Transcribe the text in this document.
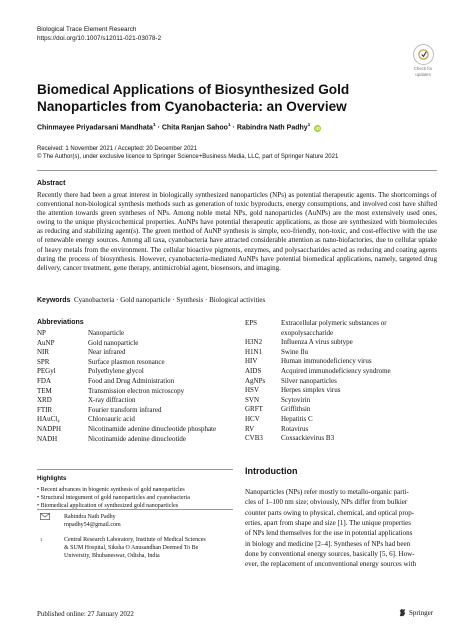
Biological Trace Element Research
https://doi.org/10.1007/s12011-021-03078-2
Check for
updates
Biomedical Applications of Biosynthesized Gold Nanoparticles from Cyanobacteria: an Overview
Chinmayee Priyadarsani Mandhata$^1$ · Chita Ranjan Sahoo$^1$ · Rabindra Nath Padhy$^1$ iD
Received: 1 November 2021 / Accepted: 20 December 2021
© The Author(s), under exclusive licence to Springer Science+Business Media, LLC, part of Springer Nature 2021
Abstract
Recently there had been a great interest in biologically synthesized nanoparticles (NPs) as potential therapeutic agents. The shortcomings of conventional non-biological synthesis methods such as generation of toxic byproducts, energy consumptions, and involved cost have shifted the attention towards green syntheses of NPs. Among noble metal NPs, gold nanoparticles (AuNPs) are the most extensively used ones, owing to the unique physicochemical properties. AuNPs have potential therapeutic applications, as those are synthesized with biomolecules as reducing and stabilizing agent(s). The green method of AuNP synthesis is simple, eco-friendly, non-toxic, and cost-effective with the use of renewable energy sources. Among all taxa, cyanobacteria have attracted considerable attention as nano-biofactories, due to cellular uptake of heavy metals from the environment. The cellular bioactive pigments, enzymes, and polysaccharides acted as reducing and coating agents during the process of biosynthesis. However, cyanobacteria-mediated AuNPs have potential biomedical applications, namely, targeted drug delivery, cancer treatment, gene therapy, antimicrobial agent, biosensors, and imaging.
Keywords Cyanobacteria · Gold nanoparticle · Synthesis · Biological activities
Abbreviations
NP	Nanoparticle
AuNP	Gold nanoparticle
NIR	Near infrared
SPR	Surface plasmon resonance
PEGyl	Polyethylene glycol
FDA	Food and Drug Administration
TEM	Transmission electron microscopy
XRD	X-ray diffraction
FTIR	Fourier transform infrared
HAuCl₄	Chloroauric acid
NADPH	Nicotinamide adenine dinucleotide phosphate
NADH	Nicotinamide adenine dinucleotide
EPS	Extracellular polymeric substances or
exopolysaccharide
H3N2	Influenza A virus subtype
H1N1	Swine flu
HIV	Human immunodeficiency virus
AIDS	Acquired immunodeficiency syndrome
AgNPs	Silver nanoparticles
HSV	Herpes simplex virus
SVN	Scytovirin
GRFT	Griffithsin
HCV	Hepatitis C
RV	Rotavirus
CVB3	Coxsackievirus B3
Highlights
• Recent advances in biogenic synthesis of gold nanoparticles
• Structural integument of gold nanoparticles and cyanobacteria
• Biomedical application of synthesized gold nanoparticles
Rabindra Nath Padhy
rnpadhy54@gmail.com
1	Central Research Laboratory, Institute of Medical Sciences
& SUM Hospital, Siksha O Anusandhan Deemed To Be
University, Bhubaneswar, Odisha, India
Introduction
Nanoparticles (NPs) refer mostly to metallo-organic parti-
cles of 1–100 nm size; obviously, NPs differ from bulkier
counter parts owing to physical, chemical, and optical prop-
erties, apart from shape and size [1]. The unique properties
of NPs lend themselves for the use in potential applications
in biology and medicine [2–4]. Syntheses of NPs had been
done by conventional energy sources, basically [5, 6]. How-
ever, the replacement of unconventional energy sources with
Published online: 27 January 2022	Springer
